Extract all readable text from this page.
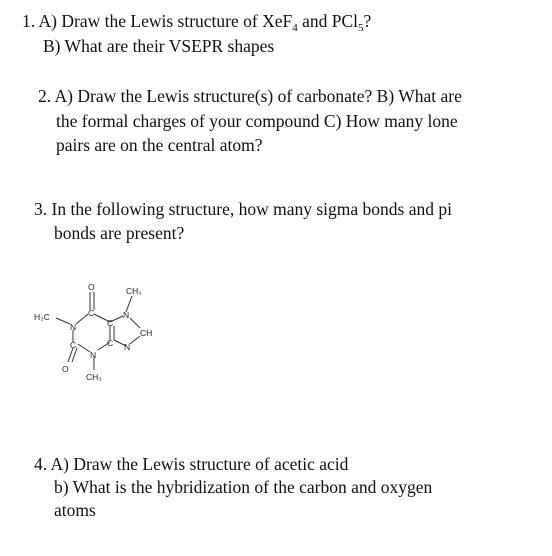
1. A) Draw the Lewis structure of XeF$_4$ and PCl$_5$?
B) What are their VSEPR shapes
2. A) Draw the Lewis structure(s) of carbonate? B) What are
the formal charges of your compound C) How many lone
pairs are on the central atom?
3. In the following structure, how many sigma bonds and pi
bonds are present?
H₃C
N
O
C
C
N
CH₃
CH
N
C
N
C
O
CH₃
4. A) Draw the Lewis structure of acetic acid
b) What is the hybridization of the carbon and oxygen
atoms
